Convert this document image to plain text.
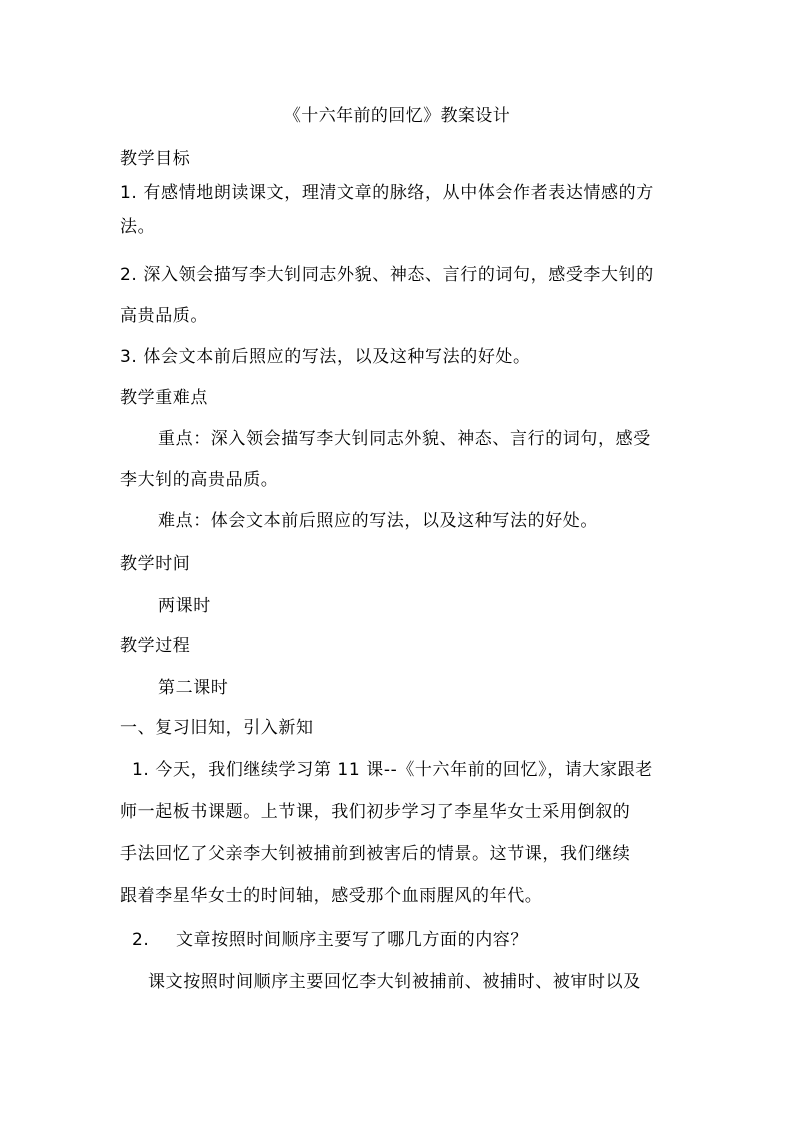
《十六年前的回忆》教案设计
教学目标
1. 有感情地朗读课文，理清文章的脉络，从中体会作者表达情感的方
法。
2. 深入领会描写李大钊同志外貌、神态、言行的词句，感受李大钊的
高贵品质。
3. 体会文本前后照应的写法，以及这种写法的好处。
教学重难点
重点：深入领会描写李大钊同志外貌、神态、言行的词句，感受
李大钊的高贵品质。
难点：体会文本前后照应的写法，以及这种写法的好处。
教学时间
两课时
教学过程
第二课时
一、复习旧知，引入新知
1. 今天，我们继续学习第 11 课--《十六年前的回忆》，请大家跟老
师一起板书课题。上节课，我们初步学习了李星华女士采用倒叙的
手法回忆了父亲李大钊被捕前到被害后的情景。这节课，我们继续
跟着李星华女士的时间轴，感受那个血雨腥风的年代。
2. 文章按照时间顺序主要写了哪几方面的内容？
课文按照时间顺序主要回忆李大钊被捕前、被捕时、被审时以及
